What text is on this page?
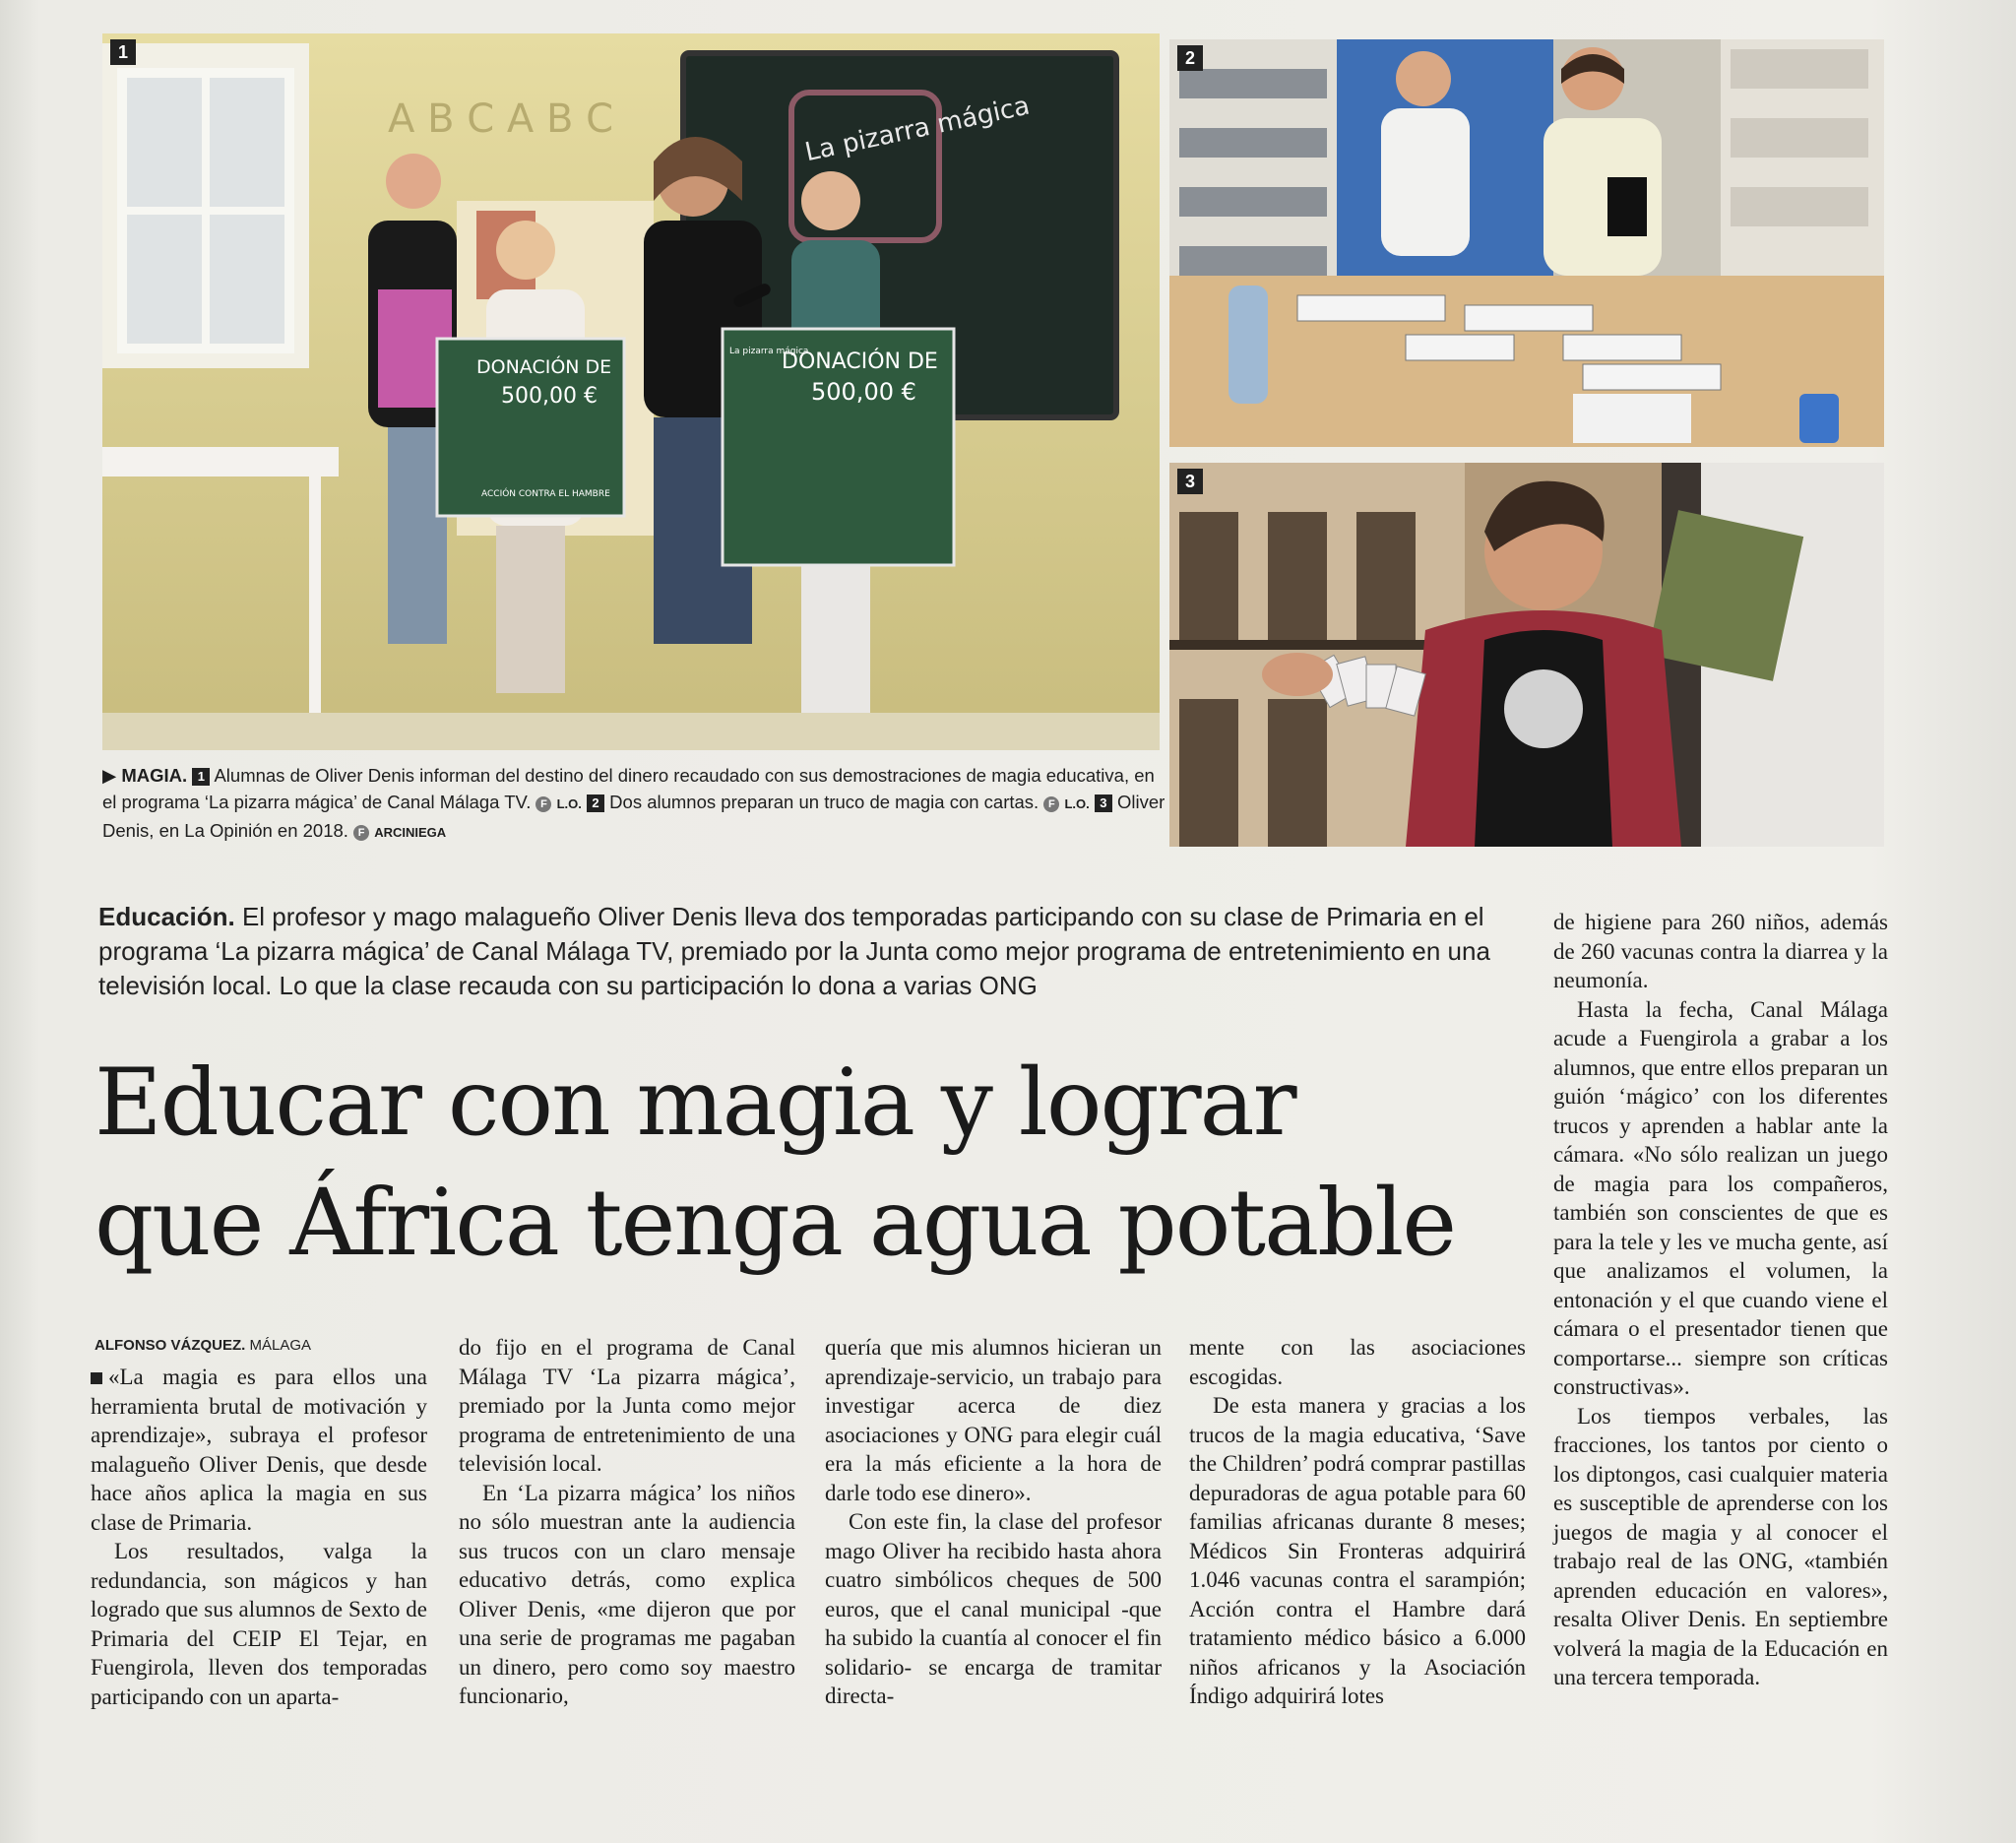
A B C A B C	La pizarra mágica
DONACIÓN DE
500,00 €
ACCIÓN CONTRA EL HAMBRE
DONACIÓN DE
500,00 €
La pizarra mágica
1	2
3
▶ MAGIA. 1 Alumnas de Oliver Denis informan del destino del dinero recaudado con sus demostraciones de magia educativa, en el programa ‘La pizarra mágica’ de Canal Málaga TV. F L.O. 2 Dos alumnos preparan un truco de magia con cartas. F L.O. 3 Oliver Denis, en La Opinión en 2018. F ARCINIEGA
Educación. El profesor y mago malagueño Oliver Denis lleva dos temporadas participando con su clase de Primaria en el programa ‘La pizarra mágica’ de Canal Málaga TV, premiado por la Junta como mejor programa de entretenimiento en una televisión local. Lo que la clase recauda con su participación lo dona a varias ONG
Educar con magia y lograr
que África tenga agua potable
ALFONSO VÁZQUEZ. MÁLAGA

«La magia es para ellos una herramienta brutal de motivación y aprendizaje», subraya el profesor malagueño Oliver Denis, que desde hace años aplica la magia en sus clase de Primaria.

Los resultados, valga la redundancia, son mágicos y han logrado que sus alumnos de Sexto de Primaria del CEIP El Tejar, en Fuengirola, lleven dos temporadas participando con un aparta-

do fijo en el programa de Canal Málaga TV ‘La pizarra mágica’, premiado por la Junta como mejor programa de entretenimiento de una televisión local.

En ‘La pizarra mágica’ los niños no sólo muestran ante la audiencia sus trucos con un claro mensaje educativo detrás, como explica Oliver Denis, «me dijeron que por una serie de programas me pagaban un dinero, pero como soy maestro funcionario,

quería que mis alumnos hicieran un aprendizaje-servicio, un trabajo para investigar acerca de diez asociaciones y ONG para elegir cuál era la más eficiente a la hora de darle todo ese dinero».

Con este fin, la clase del profesor mago Oliver ha recibido hasta ahora cuatro simbólicos cheques de 500 euros, que el canal municipal -que ha subido la cuantía al conocer el fin solidario- se encarga de tramitar directa-

mente con las asociaciones escogidas.

De esta manera y gracias a los trucos de la magia educativa, ‘Save the Children’ podrá comprar pastillas depuradoras de agua potable para 60 familias africanas durante 8 meses; Médicos Sin Fronteras adquirirá 1.046 vacunas contra el sarampión; Acción contra el Hambre dará tratamiento médico básico a 6.000 niños africanos y la Asociación Índigo adquirirá lotes

de higiene para 260 niños, además de 260 vacunas contra la diarrea y la neumonía.

Hasta la fecha, Canal Málaga acude a Fuengirola a grabar a los alumnos, que entre ellos preparan un guión ‘mágico’ con los diferentes trucos y aprenden a hablar ante la cámara. «No sólo realizan un juego de magia para los compañeros, también son conscientes de que es para la tele y les ve mucha gente, así que analizamos el volumen, la entonación y el que cuando viene el cámara o el presentador tienen que comportarse... siempre son críticas constructivas».

Los tiempos verbales, las fracciones, los tantos por ciento o los diptongos, casi cualquier materia es susceptible de aprenderse con los juegos de magia y al conocer el trabajo real de las ONG, «también aprenden educación en valores», resalta Oliver Denis. En septiembre volverá la magia de la Educación en una tercera temporada.
